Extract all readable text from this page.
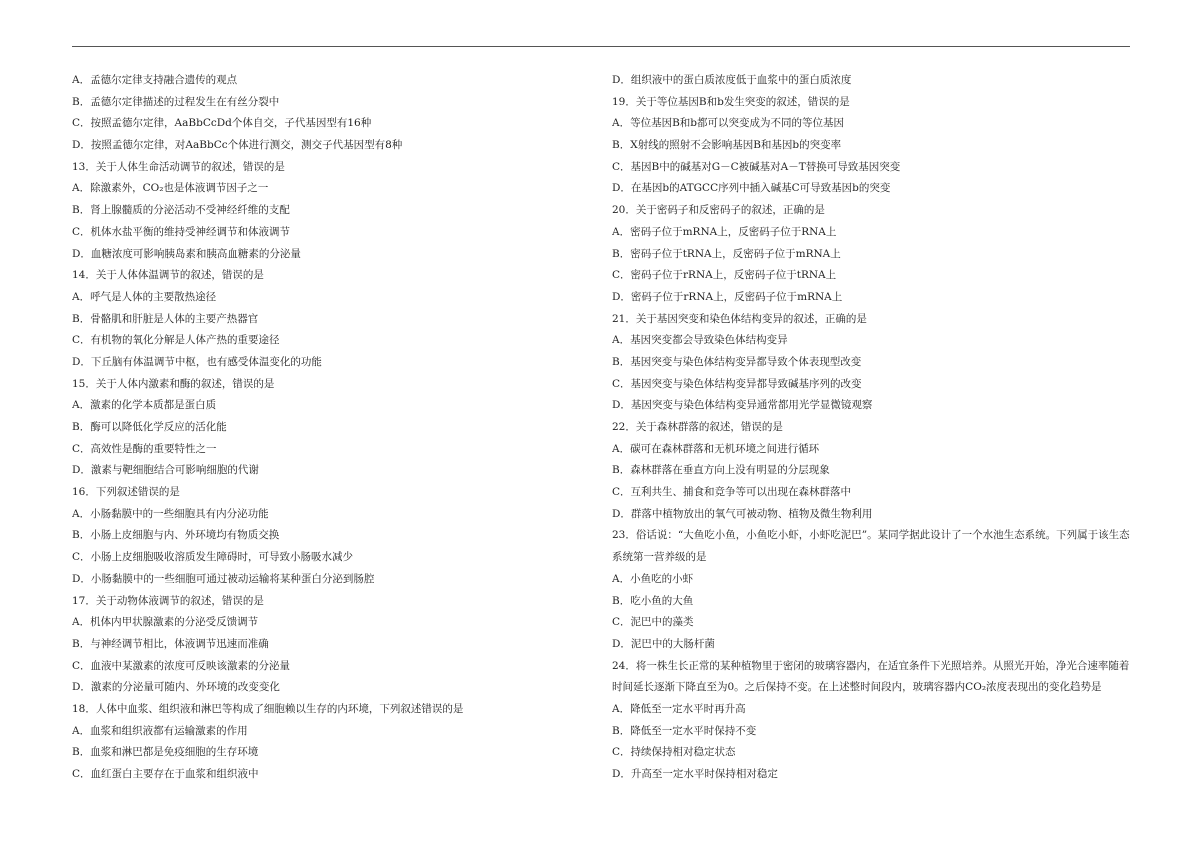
A．孟德尔定律支持融合遗传的观点
B．孟德尔定律描述的过程发生在有丝分裂中
C．按照孟德尔定律，AaBbCcDd个体自交，子代基因型有16种
D．按照孟德尔定律，对AaBbCc个体进行测交，测交子代基因型有8种
13．关于人体生命活动调节的叙述，错误的是
A．除激素外，CO₂也是体液调节因子之一
B．肾上腺髓质的分泌活动不受神经纤维的支配
C．机体水盐平衡的维持受神经调节和体液调节
D．血糖浓度可影响胰岛素和胰高血糖素的分泌量
14．关于人体体温调节的叙述，错误的是
A．呼气是人体的主要散热途径
B．骨骼肌和肝脏是人体的主要产热器官
C．有机物的氧化分解是人体产热的重要途径
D．下丘脑有体温调节中枢，也有感受体温变化的功能
15．关于人体内激素和酶的叙述，错误的是
A．激素的化学本质都是蛋白质
B．酶可以降低化学反应的活化能
C．高效性是酶的重要特性之一
D．激素与靶细胞结合可影响细胞的代谢
16．下列叙述错误的是
A．小肠黏膜中的一些细胞具有内分泌功能
B．小肠上皮细胞与内、外环境均有物质交换
C．小肠上皮细胞吸收溶质发生障碍时，可导致小肠吸水减少
D．小肠黏膜中的一些细胞可通过被动运输将某种蛋白分泌到肠腔
17．关于动物体液调节的叙述，错误的是
A．机体内甲状腺激素的分泌受反馈调节
B．与神经调节相比，体液调节迅速而准确
C．血液中某激素的浓度可反映该激素的分泌量
D．激素的分泌量可随内、外环境的改变变化
18．人体中血浆、组织液和淋巴等构成了细胞赖以生存的内环境，下列叙述错误的是
A．血浆和组织液都有运输激素的作用
B．血浆和淋巴都是免疫细胞的生存环境
C．血红蛋白主要存在于血浆和组织液中
D．组织液中的蛋白质浓度低于血浆中的蛋白质浓度
19．关于等位基因B和b发生突变的叙述，错误的是
A．等位基因B和b都可以突变成为不同的等位基因
B．X射线的照射不会影响基因B和基因b的突变率
C．基因B中的碱基对G－C被碱基对A－T替换可导致基因突变
D．在基因b的ATGCC序列中插入碱基C可导致基因b的突变
20．关于密码子和反密码子的叙述，正确的是
A．密码子位于mRNA上，反密码子位于RNA上
B．密码子位于tRNA上，反密码子位于mRNA上
C．密码子位于rRNA上，反密码子位于tRNA上
D．密码子位于rRNA上，反密码子位于mRNA上
21．关于基因突变和染色体结构变异的叙述，正确的是
A．基因突变都会导致染色体结构变异
B．基因突变与染色体结构变异都导致个体表现型改变
C．基因突变与染色体结构变异都导致碱基序列的改变
D．基因突变与染色体结构变异通常都用光学显微镜观察
22．关于森林群落的叙述，错误的是
A．碳可在森林群落和无机环境之间进行循环
B．森林群落在垂直方向上没有明显的分层现象
C．互利共生、捕食和竞争等可以出现在森林群落中
D．群落中植物放出的氧气可被动物、植物及微生物利用
23．俗话说：“大鱼吃小鱼，小鱼吃小虾，小虾吃泥巴”。某同学据此设计了一个水池生态系统。下列属于该生态
系统第一营养级的是
A．小鱼吃的小虾
B．吃小鱼的大鱼
C．泥巴中的藻类
D．泥巴中的大肠杆菌
24．将一株生长正常的某种植物里于密闭的玻璃容器内，在适宜条件下光照培养。从照光开始，净光合速率随着
时间延长逐渐下降直至为0。之后保持不变。在上述整时间段内，玻璃容器内CO₂浓度表现出的变化趋势是
A．降低至一定水平时再升高
B．降低至一定水平时保持不变
C．持续保持相对稳定状态
D．升高至一定水平时保持相对稳定
